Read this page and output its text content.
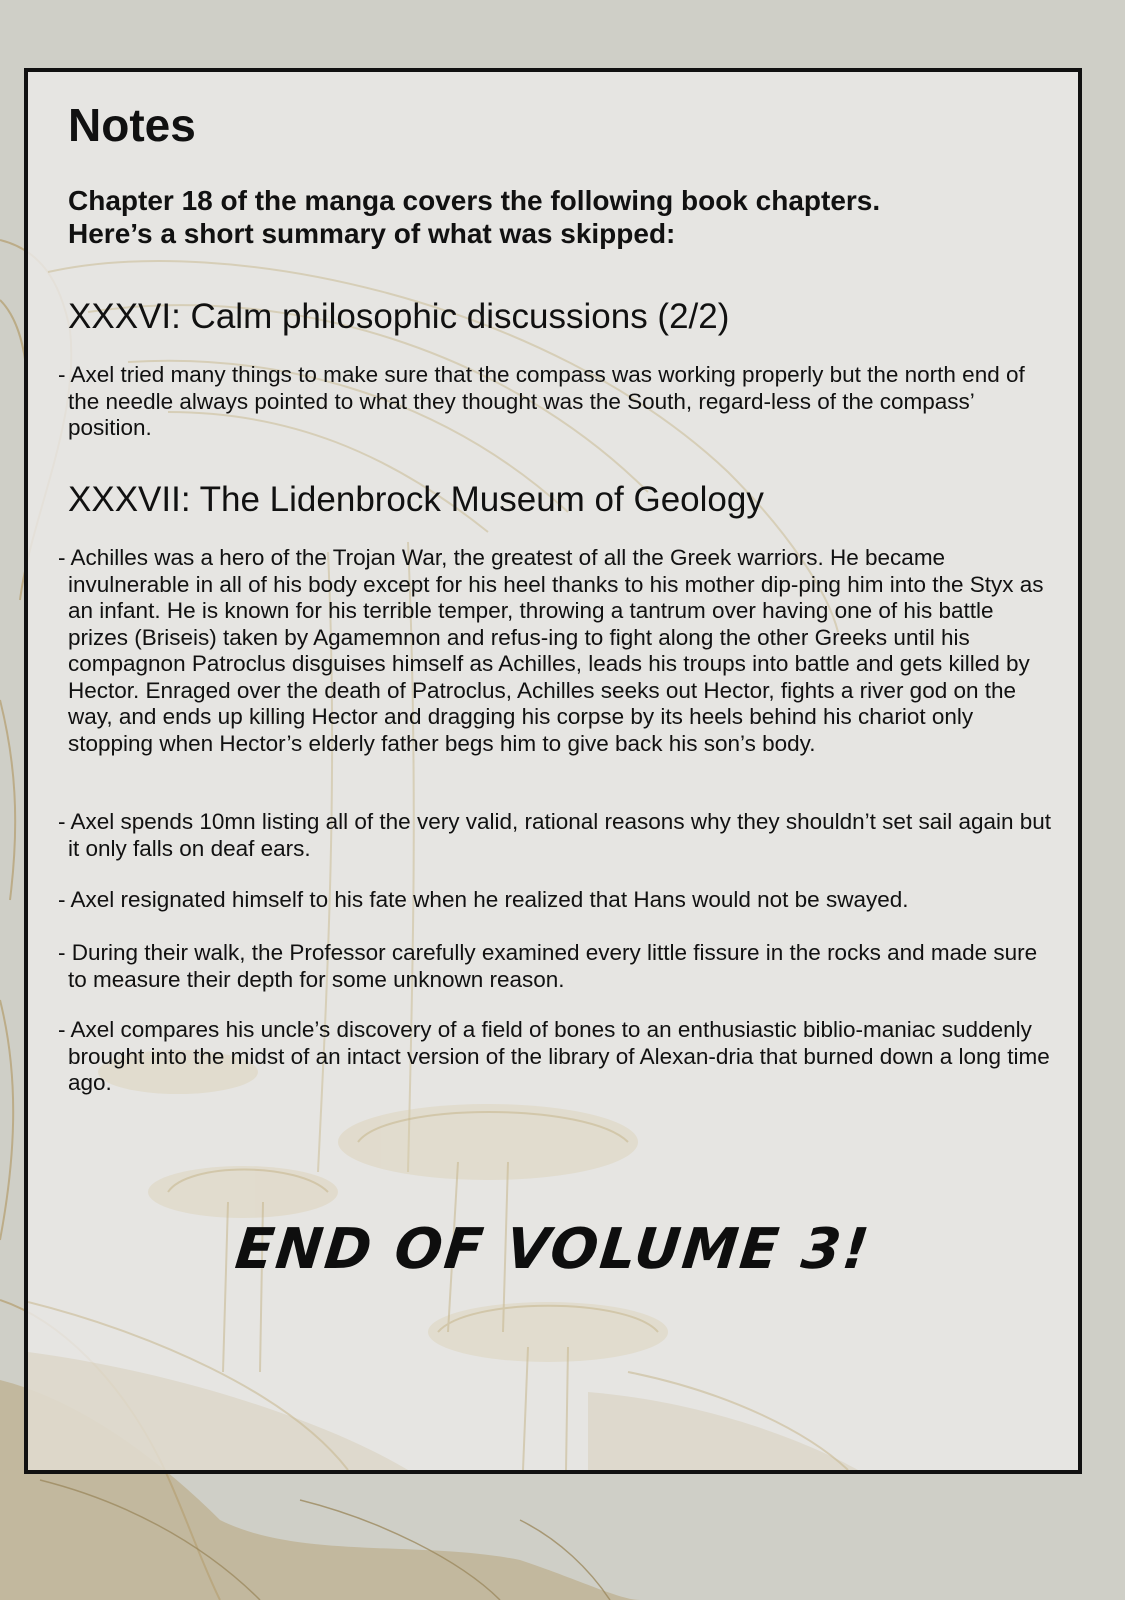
Notes

Chapter 18 of the manga covers the following book chapters.
Here’s a short summary of what was skipped:

XXXVI: Calm philosophic discussions (2/2)

- Axel tried many things to make sure that the compass was working properly but the north end of the needle always pointed to what they thought was the South, regard-less of the compass’ position.

XXXVII: The Lidenbrock Museum of Geology

- Achilles was a hero of the Trojan War, the greatest of all the Greek warriors. He became invulnerable in all of his body except for his heel thanks to his mother dip-ping him into the Styx as an infant. He is known for his terrible temper, throwing a tantrum over having one of his battle prizes (Briseis) taken by Agamemnon and refus-ing to fight along the other Greeks until his compagnon Patroclus disguises himself as Achilles, leads his troups into battle and gets killed by Hector. Enraged over the death of Patroclus, Achilles seeks out Hector, fights a river god on the way, and ends up killing Hector and dragging his corpse by its heels behind his chariot only stopping when Hector’s elderly father begs him to give back his son’s body.

- Axel spends 10mn listing all of the very valid, rational reasons why they shouldn’t set sail again but it only falls on deaf ears.

- Axel resignated himself to his fate when he realized that Hans would not be swayed.

- During their walk, the Professor carefully examined every little fissure in the rocks and made sure to measure their depth for some unknown reason.

- Axel compares his uncle’s discovery of a field of bones to an enthusiastic biblio-maniac suddenly brought into the midst of an intact version of the library of Alexan-dria that burned down a long time ago.

END OF VOLUME 3!
